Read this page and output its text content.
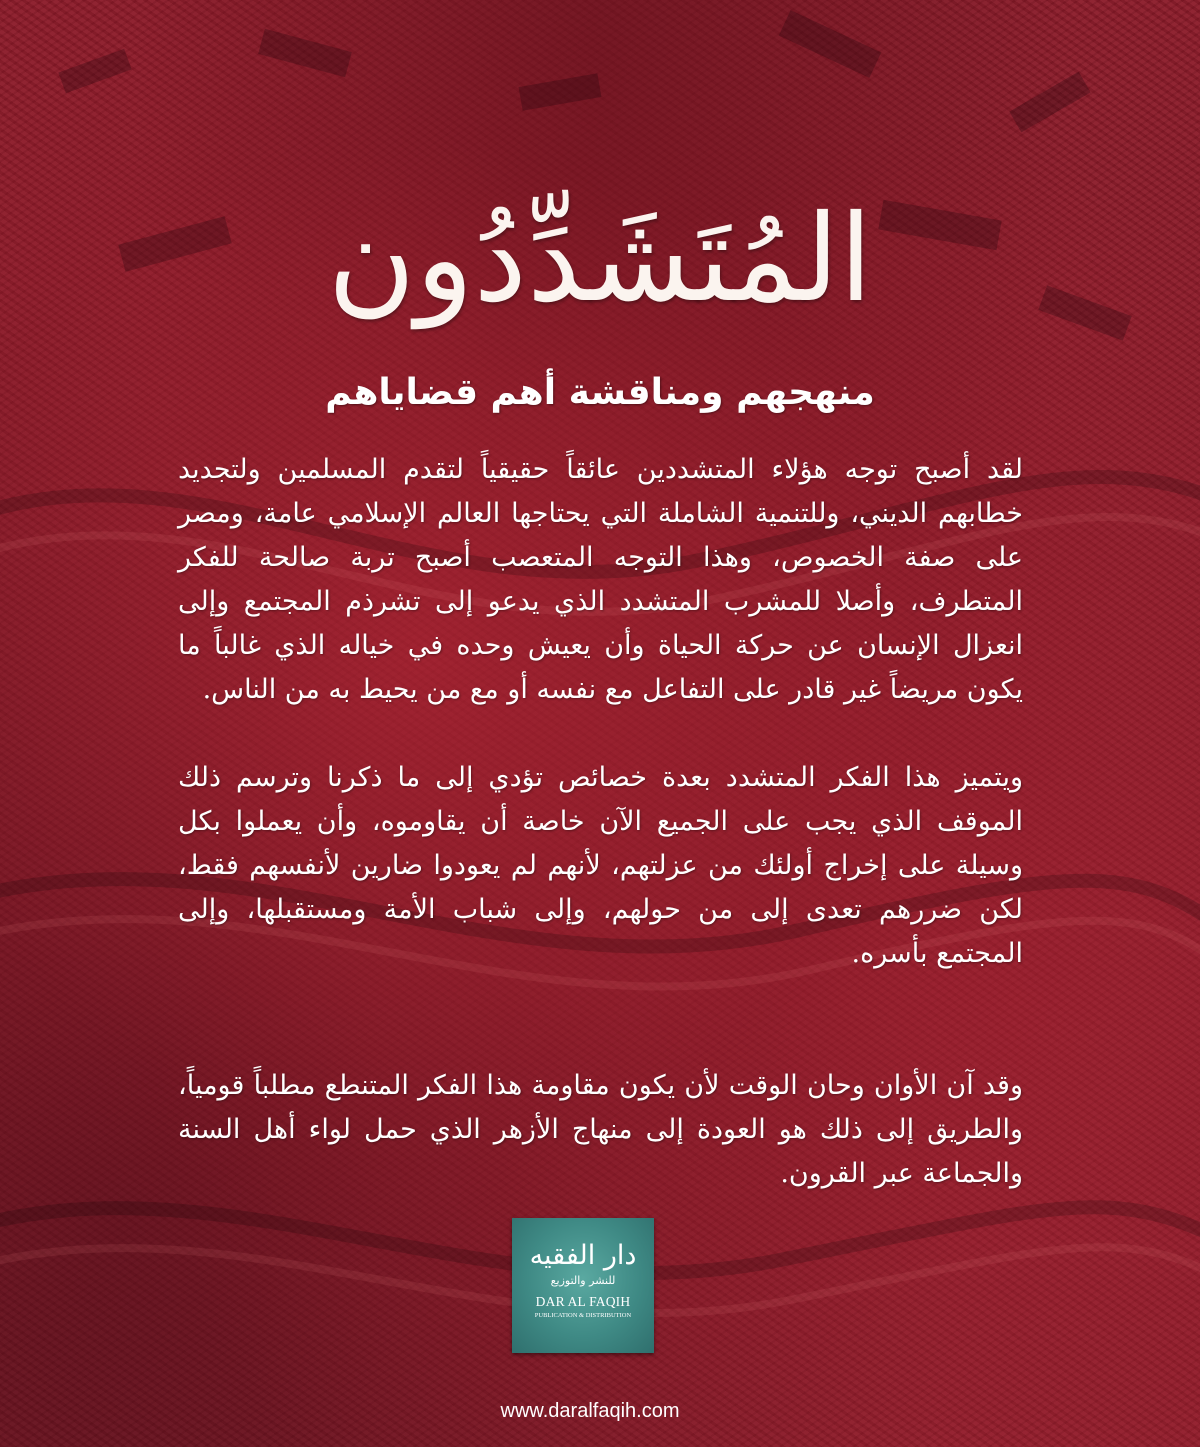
المُتَشَدِّدُون
منهجهم ومناقشة أهم قضاياهم

لقد أصبح توجه هؤلاء المتشددين عائقاً حقيقياً لتقدم المسلمين ولتجديد خطابهم الديني، وللتنمية الشاملة التي يحتاجها العالم الإسلامي عامة، ومصر على صفة الخصوص، وهذا التوجه المتعصب أصبح تربة صالحة للفكر المتطرف، وأصلا للمشرب المتشدد الذي يدعو إلى تشرذم المجتمع وإلى انعزال الإنسان عن حركة الحياة وأن يعيش وحده في خياله الذي غالباً ما يكون مريضاً غير قادر على التفاعل مع نفسه أو مع من يحيط به من الناس.

ويتميز هذا الفكر المتشدد بعدة خصائص تؤدي إلى ما ذكرنا وترسم ذلك الموقف الذي يجب على الجميع الآن خاصة أن يقاوموه، وأن يعملوا بكل وسيلة على إخراج أولئك من عزلتهم، لأنهم لم يعودوا ضارين لأنفسهم فقط، لكن ضررهم تعدى إلى من حولهم، وإلى شباب الأمة ومستقبلها، وإلى المجتمع بأسره.

وقد آن الأوان وحان الوقت لأن يكون مقاومة هذا الفكر المتنطع مطلباً قومياً، والطريق إلى ذلك هو العودة إلى منهاج الأزهر الذي حمل لواء أهل السنة والجماعة عبر القرون.

دار الفقيه
للنشر والتوزيع
DAR AL FAQIH
PUBLICATION & DISTRIBUTION
www.daralfaqih.com
